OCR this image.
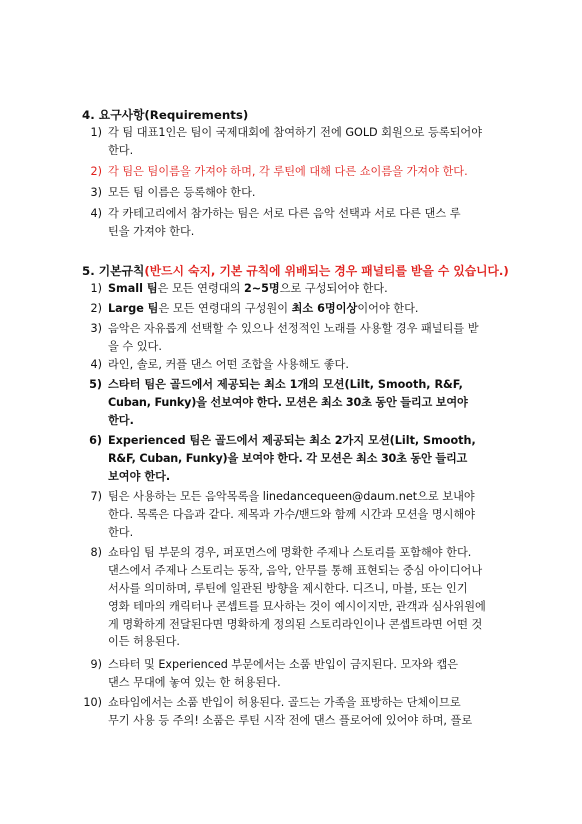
4. 요구사항(Requirements)
1) 각 팀 대표1인은 팀이 국제대회에 참여하기 전에 GOLD 회원으로 등록되어야
한다.
2) 각 팀은 팀이름을 가져야 하며, 각 루틴에 대해 다른 쇼이름을 가져야 한다.
3) 모든 팀 이름은 등록해야 한다.
4) 각 카테고리에서 참가하는 팀은 서로 다른 음악 선택과 서로 다른 댄스 루
틴을 가져야 한다.
5. 기본규칙(반드시 숙지, 기본 규칙에 위배되는 경우 패널티를 받을 수 있습니다.)
1) Small 팀은 모든 연령대의 2~5명으로 구성되어야 한다.
2) Large 팀은 모든 연령대의 구성원이 최소 6명이상이어야 한다.
3) 음악은 자유롭게 선택할 수 있으나 선정적인 노래를 사용할 경우 패널티를 받
을 수 있다.
4) 라인, 솔로, 커플 댄스 어떤 조합을 사용해도 좋다.
5) 스타터 팀은 골드에서 제공되는 최소 1개의 모션(Lilt, Smooth, R&F,
Cuban, Funky)을 선보여야 한다. 모션은 최소 30초 동안 들리고 보여야
한다.
6) Experienced 팀은 골드에서 제공되는 최소 2가지 모션(Lilt, Smooth,
R&F, Cuban, Funky)을 보여야 한다. 각 모션은 최소 30초 동안 들리고
보여야 한다.
7) 팀은 사용하는 모든 음악목록을 linedancequeen@daum.net으로 보내야
한다. 목록은 다음과 같다. 제목과 가수/밴드와 함께 시간과 모션을 명시해야
한다.
8) 쇼타임 팀 부문의 경우, 퍼포먼스에 명확한 주제나 스토리를 포함해야 한다.
댄스에서 주제나 스토리는 동작, 음악, 안무를 통해 표현되는 중심 아이디어나
서사를 의미하며, 루틴에 일관된 방향을 제시한다. 디즈니, 마블, 또는 인기
영화 테마의 캐릭터나 콘셉트를 묘사하는 것이 예시이지만, 관객과 심사위원에
게 명확하게 전달된다면 명확하게 정의된 스토리라인이나 콘셉트라면 어떤 것
이든 허용된다.
9) 스타터 및 Experienced 부문에서는 소품 반입이 금지된다. 모자와 캡은
댄스 무대에 놓여 있는 한 허용된다.
10) 쇼타임에서는 소품 반입이 허용된다. 골드는 가족을 표방하는 단체이므로
무기 사용 등 주의! 소품은 루틴 시작 전에 댄스 플로어에 있어야 하며, 플로
